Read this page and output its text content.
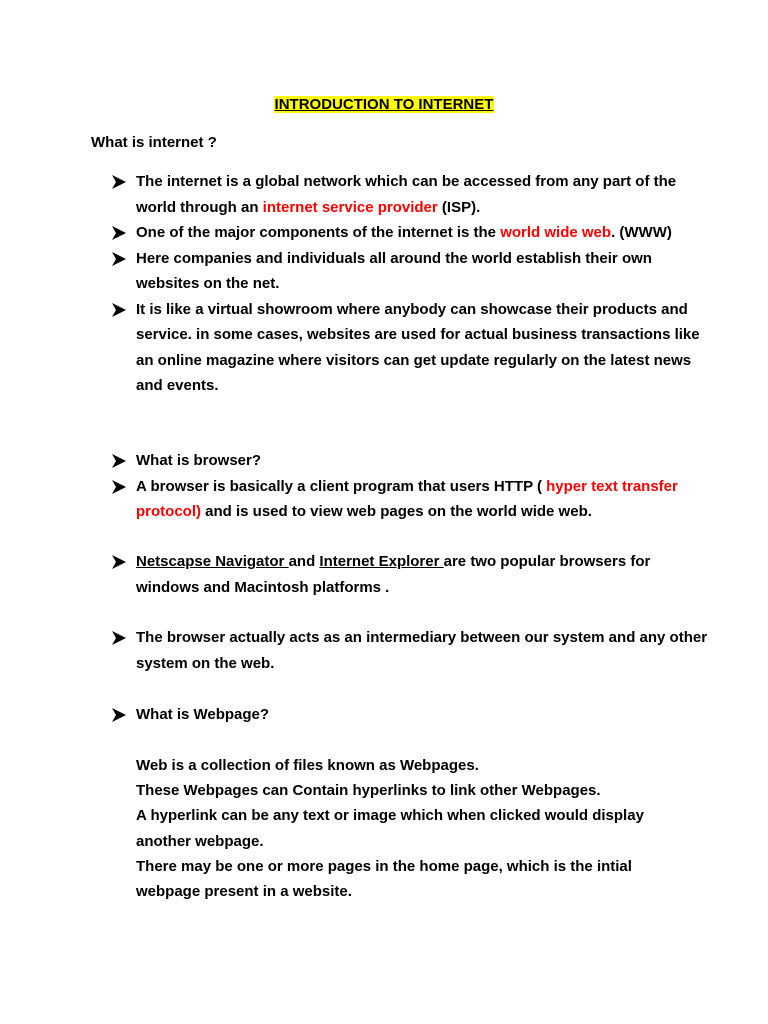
INTRODUCTION TO INTERNET
What is internet ?
The internet is a global network which can be accessed from any part of the world through an internet service provider (ISP).
One of the major components of the internet is the world wide web. (WWW)
Here companies and individuals all around the world establish their own websites on the net.
It is like a virtual showroom where anybody can showcase their products and service. in some cases, websites are used for actual business transactions like an online magazine where visitors can get update regularly on the latest news and events.
What is browser?
A browser is basically a client program that users HTTP ( hyper text transfer protocol) and is used to view web pages on the world wide web.
Netscapse Navigator and Internet Explorer are two popular browsers for windows and Macintosh platforms .
The browser actually acts as an intermediary between our system and any other system on the web.
What is Webpage?
Web is a collection of files known as Webpages.
These Webpages can Contain hyperlinks to link other Webpages.
A hyperlink can be any text or image which when clicked would display another webpage.
There may be one or more pages in the home page, which is the intial webpage present in a website.
